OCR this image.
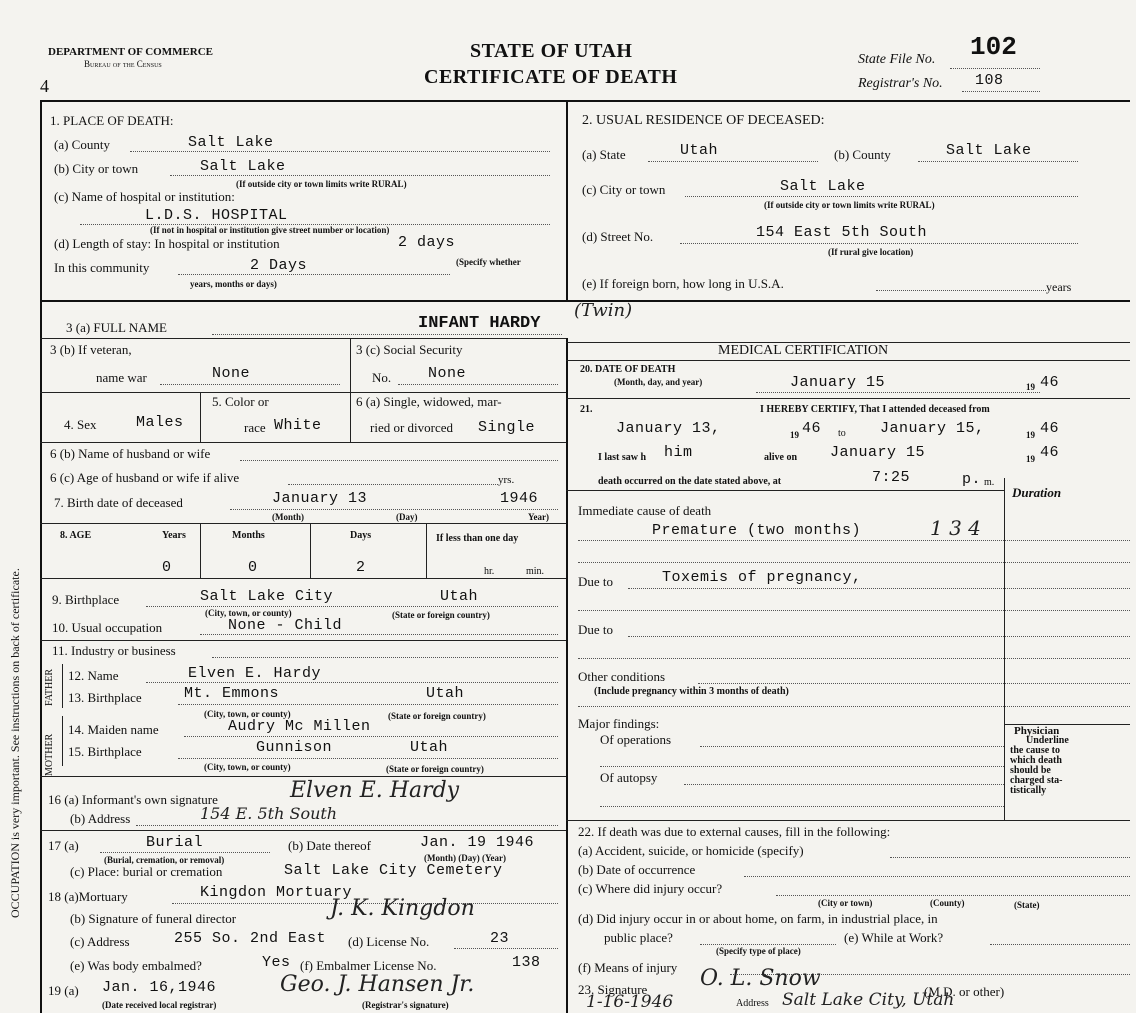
DEPARTMENT OF COMMERCE
Bureau of the Census
STATE OF UTAH
CERTIFICATE OF DEATH
State File No. 102
Registrar's No. 108
4
OCCUPATION is very important. See instructions on back of certificate.
1. PLACE OF DEATH:
(a) County	Salt Lake
(b) City or town	Salt Lake
(If outside city or town limits write RURAL)
(c) Name of hospital or institution:
L.D.S. HOSPITAL
(If not in hospital or institution give street number or location)
(d) Length of stay: In hospital or institution	2 days
(Specify whether
In this community	2 Days
years, months or days)
2. USUAL RESIDENCE OF DECEASED:
(a) State	Utah	(b) County	Salt Lake
(c) City or town	Salt Lake
(If outside city or town limits write RURAL)
(d) Street No.	154 East 5th South
(If rural give location)
(e) If foreign born, how long in U.S.A.	years
3 (a) FULL NAME	INFANT HARDY
(Twin)
MEDICAL CERTIFICATION
3 (b) If veteran,
name war	None
3 (c) Social Security
No. None
4. Sex	Males
5. Color or
race White
6 (a) Single, widowed, mar-
ried or divorced Single
6 (b) Name of husband or wife
6 (c) Age of husband or wife if alive	yrs.
7. Birth date of deceased	January 13	1946
(Month)	(Day)	Year)
8. AGE	Years	Months	Days	If less than one day
0	0	2	hr.	min.
9. Birthplace	Salt Lake City	Utah
(City, town, or county)	(State or foreign country)
10. Usual occupation	None - Child
11. Industry or business
FATHER
MOTHER
12. Name	Elven E. Hardy
13. Birthplace	Mt. Emmons	Utah
(City, town, or county)	(State or foreign country)
14. Maiden name	Audry Mc Millen
15. Birthplace	Gunnison	Utah
(City, town, or county)	(State or foreign country)
16 (a) Informant's own signature	Elven E. Hardy
(b) Address	154 E. 5th South
17 (a)	Burial
(Burial, cremation, or removal)
(b) Date thereof	Jan. 19 1946
(Month) (Day) (Year)
(c) Place: burial or cremation	Salt Lake City Cemetery
18 (a)Mortuary	Kingdon Mortuary
(b) Signature of funeral director	J. K. Kingdon
(c) Address	255 So. 2nd East (d) License No.	23
(e) Was body embalmed?	Yes (f) Embalmer License No.	138
19 (a) Jan. 16,1946
(Date received local registrar)
Geo. J. Hansen Jr.
(Registrar's signature)
20. DATE OF DEATH
(Month, day, and year)	January 15	19 46
21.	I HEREBY CERTIFY, That I attended deceased from
January 13,	19 46 to January 15,	19 46
I last saw h him	alive on January 15	19 46
death occurred on the date stated above, at	7:25	p. m.
Duration
Immediate cause of death
Premature (two months)	1 3 4
Due to	Toxemis of pregnancy,
Due to
Other conditions
(Include pregnancy within 3 months of death)
Major findings:
Of operations
Of autopsy
Physician
Underline
the cause to
which death
should be
charged sta-
tistically
22. If death was due to external causes, fill in the following:
(a) Accident, suicide, or homicide (specify)
(b) Date of occurrence
(c) Where did injury occur?
(City or town)	(County)	(State)
(d) Did injury occur in or about home, on farm, in industrial place, in
public place?	(e) While at Work?
(Specify type of place)
(f) Means of injury
23. Signature O. L. Snow
(M.D. or other)
1-16-1946	Address Salt Lake City, Utah
